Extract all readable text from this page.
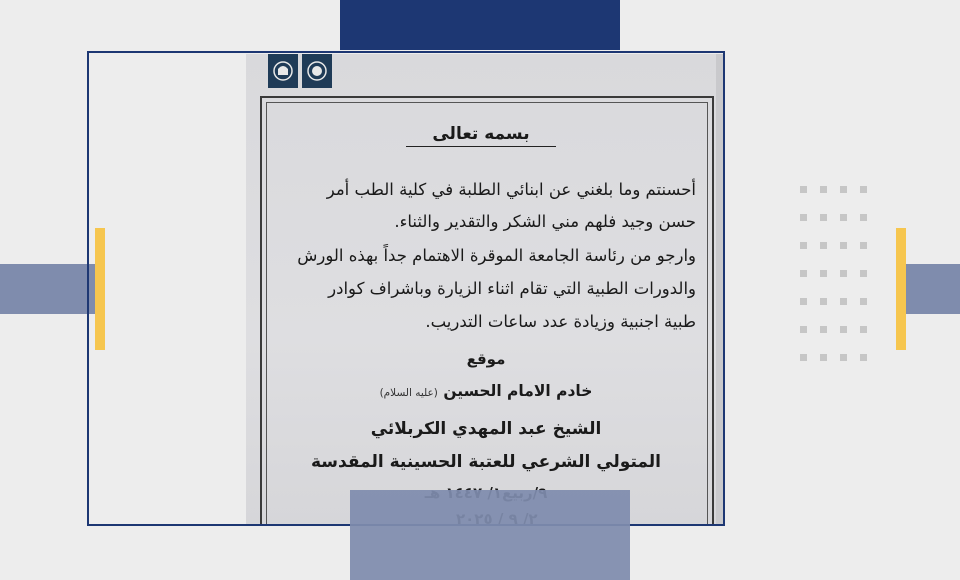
بسمه تعالى
أحسنتم وما بلغني عن ابنائي الطلبة في كلية الطب أمر
حسن وجيد فلهم مني الشكر والتقدير والثناء.
وارجو من رئاسة الجامعة الموقرة الاهتمام جداً بهذه الورش
والدورات الطبية التي تقام اثناء الزيارة وباشراف كوادر
طبية اجنبية وزيادة عدد ساعات التدريب.
موقع
خادم الامام الحسين (عليه السلام)
الشيخ عبد المهدي الكربلائي
المتولي الشرعي للعتبة الحسينية المقدسة
